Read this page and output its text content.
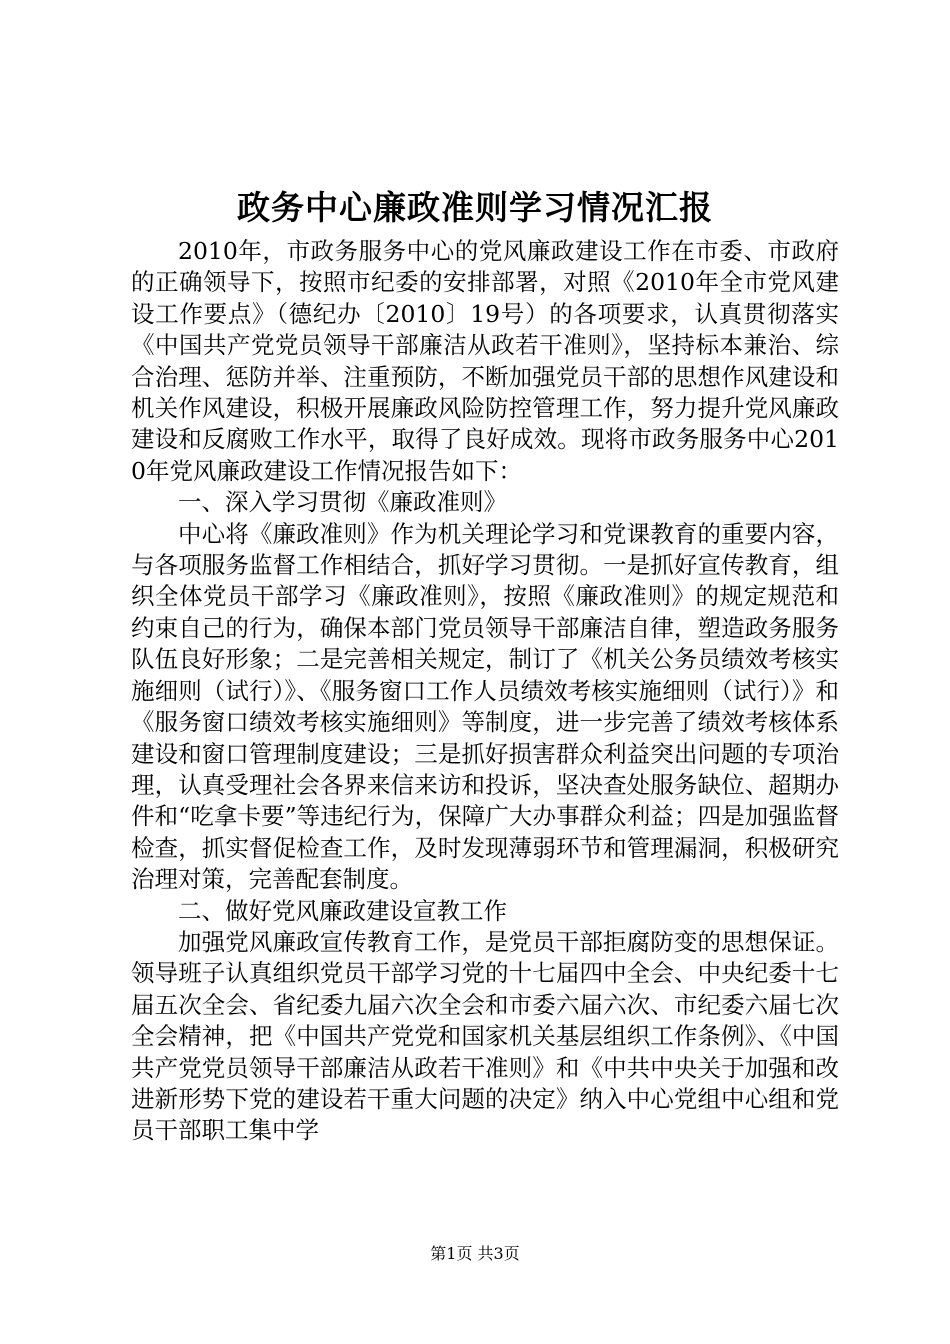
政务中心廉政准则学习情况汇报

2010年，市政务服务中心的党风廉政建设工作在市委、市政府的正确领导下，按照市纪委的安排部署，对照《2010年全市党风建设工作要点》（德纪办〔2010〕19号）的各项要求，认真贯彻落实《中国共产党党员领导干部廉洁从政若干准则》，坚持标本兼治、综合治理、惩防并举、注重预防，不断加强党员干部的思想作风建设和机关作风建设，积极开展廉政风险防控管理工作，努力提升党风廉政建设和反腐败工作水平，取得了良好成效。现将市政务服务中心2010年党风廉政建设工作情况报告如下：

一、深入学习贯彻《廉政准则》

中心将《廉政准则》作为机关理论学习和党课教育的重要内容，与各项服务监督工作相结合，抓好学习贯彻。一是抓好宣传教育，组织全体党员干部学习《廉政准则》，按照《廉政准则》的规定规范和约束自己的行为，确保本部门党员领导干部廉洁自律，塑造政务服务队伍良好形象；二是完善相关规定，制订了《机关公务员绩效考核实施细则（试行）》、《服务窗口工作人员绩效考核实施细则（试行）》和《服务窗口绩效考核实施细则》等制度，进一步完善了绩效考核体系建设和窗口管理制度建设；三是抓好损害群众利益突出问题的专项治理，认真受理社会各界来信来访和投诉，坚决查处服务缺位、超期办件和“吃拿卡要”等违纪行为，保障广大办事群众利益；四是加强监督检查，抓实督促检查工作，及时发现薄弱环节和管理漏洞，积极研究治理对策，完善配套制度。

二、做好党风廉政建设宣教工作

加强党风廉政宣传教育工作，是党员干部拒腐防变的思想保证。领导班子认真组织党员干部学习党的十七届四中全会、中央纪委十七届五次全会、省纪委九届六次全会和市委六届六次、市纪委六届七次全会精神，把《中国共产党党和国家机关基层组织工作条例》、《中国共产党党员领导干部廉洁从政若干准则》和《中共中央关于加强和改进新形势下党的建设若干重大问题的决定》纳入中心党组中心组和党员干部职工集中学

第1页 共3页
